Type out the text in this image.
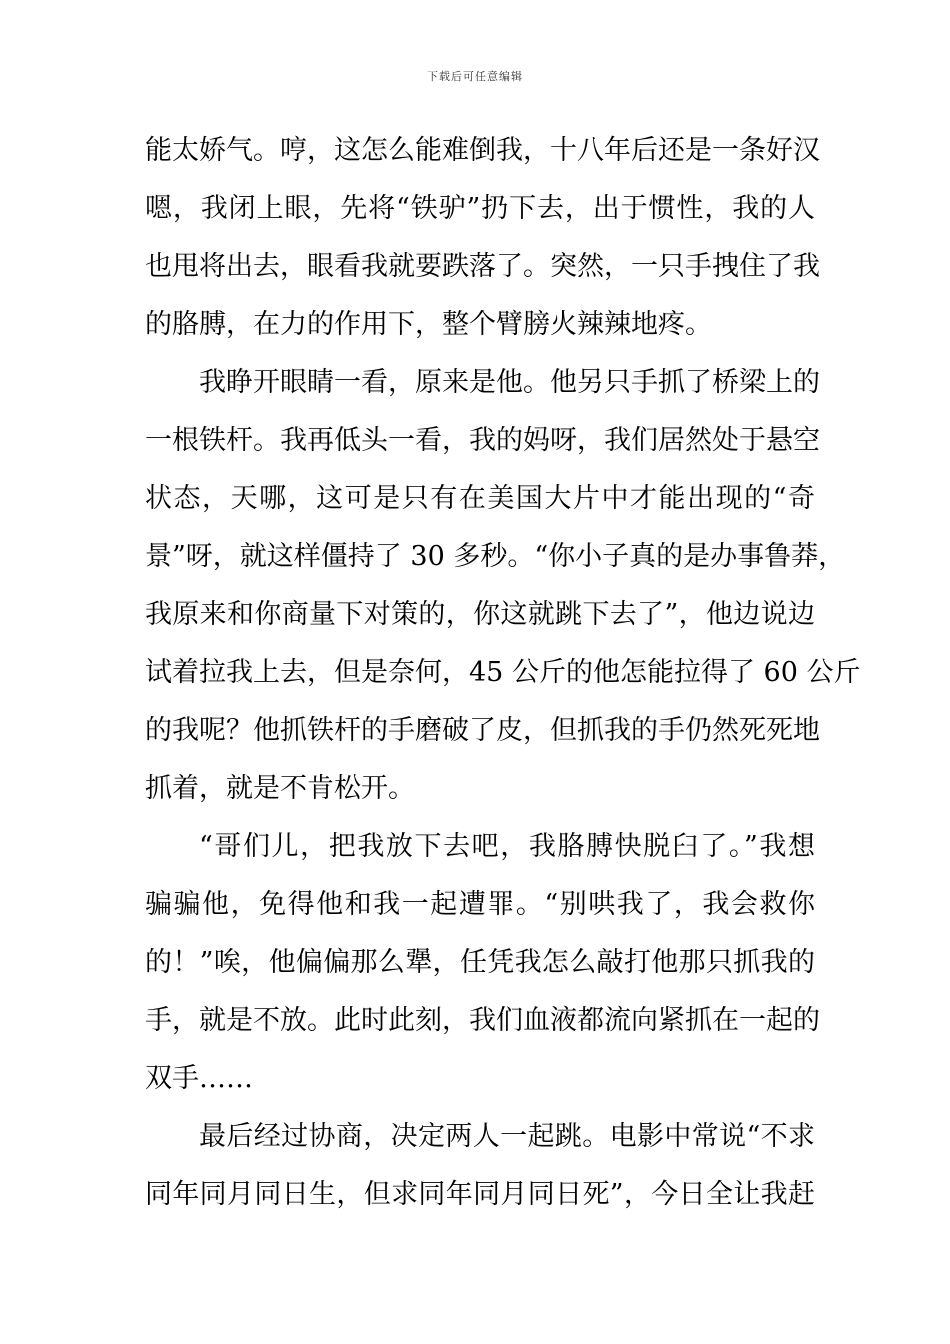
下载后可任意编辑
能太娇气。哼，这怎么能难倒我，十八年后还是一条好汉
嗯，我闭上眼，先将“铁驴”扔下去，出于惯性，我的人
也甩将出去，眼看我就要跌落了。突然，一只手拽住了我
的胳膊，在力的作用下，整个臂膀火辣辣地疼。
我睁开眼睛一看，原来是他。他另只手抓了桥梁上的
一根铁杆。我再低头一看，我的妈呀，我们居然处于悬空
状态，天哪，这可是只有在美国大片中才能出现的“奇
景”呀，就这样僵持了 30 多秒。“你小子真的是办事鲁莽，
我原来和你商量下对策的，你这就跳下去了”，他边说边
试着拉我上去，但是奈何，45 公斤的他怎能拉得了 60 公斤
的我呢？他抓铁杆的手磨破了皮，但抓我的手仍然死死地
抓着，就是不肯松开。
“哥们儿，把我放下去吧，我胳膊快脱臼了。”我想
骗骗他，免得他和我一起遭罪。“别哄我了，我会救你
的！”唉，他偏偏那么犟，任凭我怎么敲打他那只抓我的
手，就是不放。此时此刻，我们血液都流向紧抓在一起的
双手……
最后经过协商，决定两人一起跳。电影中常说“不求
同年同月同日生，但求同年同月同日死”，今日全让我赶
